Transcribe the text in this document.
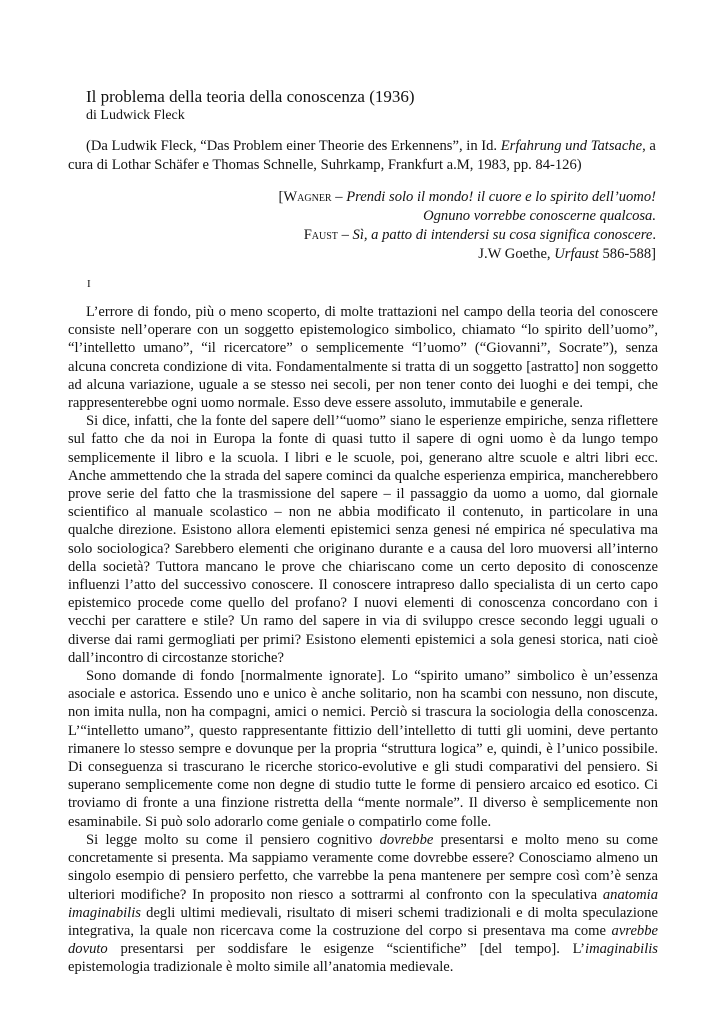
Il problema della teoria della conoscenza (1936)
di Ludwick Fleck

(Da Ludwik Fleck, “Das Problem einer Theorie des Erkennens”, in Id. Erfahrung und Tatsache, a cura di Lothar Schäfer e Thomas Schnelle, Suhrkamp, Frankfurt a.M, 1983, pp. 84-126)

[Wagner – Prendi solo il mondo! il cuore e lo spirito dell’uomo!
Ognuno vorrebbe conoscerne qualcosa.
Faust – Sì, a patto di intendersi su cosa significa conoscere.
J.W Goethe, Urfaust 586-588]
I

L’errore di fondo, più o meno scoperto, di molte trattazioni nel campo della teoria del conoscere consiste nell’operare con un soggetto epistemologico simbolico, chiamato “lo spirito dell’uomo”, “l’intelletto umano”, “il ricercatore” o semplicemente “l’uomo” (“Giovanni”, Socrate”), senza alcuna concreta condizione di vita. Fondamentalmente si tratta di un soggetto [astratto] non soggetto ad alcuna variazione, uguale a se stesso nei secoli, per non tener conto dei luoghi e dei tempi, che rappresenterebbe ogni uomo normale. Esso deve essere assoluto, immutabile e generale.

Si dice, infatti, che la fonte del sapere dell’“uomo” siano le esperienze empiriche, senza riflettere sul fatto che da noi in Europa la fonte di quasi tutto il sapere di ogni uomo è da lungo tempo semplicemente il libro e la scuola. I libri e le scuole, poi, generano altre scuole e altri libri ecc. Anche ammettendo che la strada del sapere cominci da qualche esperienza empirica, mancherebbero prove serie del fatto che la trasmissione del sapere – il passaggio da uomo a uomo, dal giornale scientifico al manuale scolastico – non ne abbia modificato il contenuto, in particolare in una qualche direzione. Esistono allora elementi epistemici senza genesi né empirica né speculativa ma solo sociologica? Sarebbero elementi che originano durante e a causa del loro muoversi all’interno della società? Tuttora mancano le prove che chiariscano come un certo deposito di conoscenze influenzi l’atto del successivo conoscere. Il conoscere intrapreso dallo specialista di un certo capo epistemico procede come quello del profano? I nuovi elementi di conoscenza concordano con i vecchi per carattere e stile? Un ramo del sapere in via di sviluppo cresce secondo leggi uguali o diverse dai rami germogliati per primi? Esistono elementi epistemici a sola genesi storica, nati cioè dall’incontro di circostanze storiche?

Sono domande di fondo [normalmente ignorate]. Lo “spirito umano” simbolico è un’essenza asociale e astorica. Essendo uno e unico è anche solitario, non ha scambi con nessuno, non discute, non imita nulla, non ha compagni, amici o nemici. Perciò si trascura la sociologia della conoscenza. L’“intelletto umano”, questo rappresentante fittizio dell’intelletto di tutti gli uomini, deve pertanto rimanere lo stesso sempre e dovunque per la propria “struttura logica” e, quindi, è l’unico possibile. Di conseguenza si trascurano le ricerche storico-evolutive e gli studi comparativi del pensiero. Si superano semplicemente come non degne di studio tutte le forme di pensiero arcaico ed esotico. Ci troviamo di fronte a una finzione ristretta della “mente normale”. Il diverso è semplicemente non esaminabile. Si può solo adorarlo come geniale o compatirlo come folle.

Si legge molto su come il pensiero cognitivo dovrebbe presentarsi e molto meno su come concretamente si presenta. Ma sappiamo veramente come dovrebbe essere? Conosciamo almeno un singolo esempio di pensiero perfetto, che varrebbe la pena mantenere per sempre così com’è senza ulteriori modifiche? In proposito non riesco a sottrarmi al confronto con la speculativa anatomia imaginabilis degli ultimi medievali, risultato di miseri schemi tradizionali e di molta speculazione integrativa, la quale non ricercava come la costruzione del corpo si presentava ma come avrebbe dovuto presentarsi per soddisfare le esigenze “scientifiche” [del tempo]. L’imaginabilis epistemologia tradizionale è molto simile all’anatomia medievale.
